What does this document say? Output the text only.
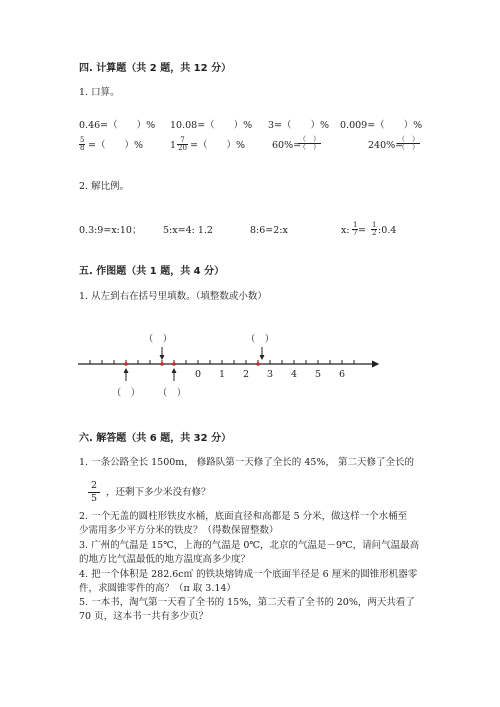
四. 计算题（共 2 题，共 12 分）
1. 口算。
0.46=（　　）% 10.08=（　　）% 3=（　　）% 0.009=（　　）%
$\frac{5}{8}$ =（　　）%	$1 \frac{7}{20}$ =（　　）%	60%=
（　）
（　）	240%=
（　）
（　）
2. 解比例。
0.3:9=x:10； 5:x=4: 1.2	8:6=2:x	x: $\frac{1}{7} = \frac{1}{2}$ :0.4
五. 作图题（共 1 题，共 4 分）
1. 从左到右在括号里填数。（填整数或小数）
0 1 2 3 4 5 6
（　）	（　）
（　） （　）
六. 解答题（共 6 题，共 32 分）
1. 一条公路全长 1500m， 修路队第一天修了全长的 45%， 第二天修了全长的
$\frac{2}{5}$ ，还剩下多少米没有修？
2. 一个无盖的圆柱形铁皮水桶，底面直径和高都是 5 分米，做这样一个水桶至
少需用多少平方分米的铁皮？（得数保留整数）
3. 广州的气温是 15℃，上海的气温是 0℃，北京的气温是－9℃，请问气温最高
的地方比气温最低的地方温度高多少度？
4. 把一个体积是 282.6c㎥ 的铁块熔铸成一个底面半径是 6 厘米的圆锥形机器零
件，求圆锥零件的高？（π 取 3.14）
5. 一本书，淘气第一天看了全书的 15%，第二天看了全书的 20%，两天共看了
70 页，这本书一共有多少页？
